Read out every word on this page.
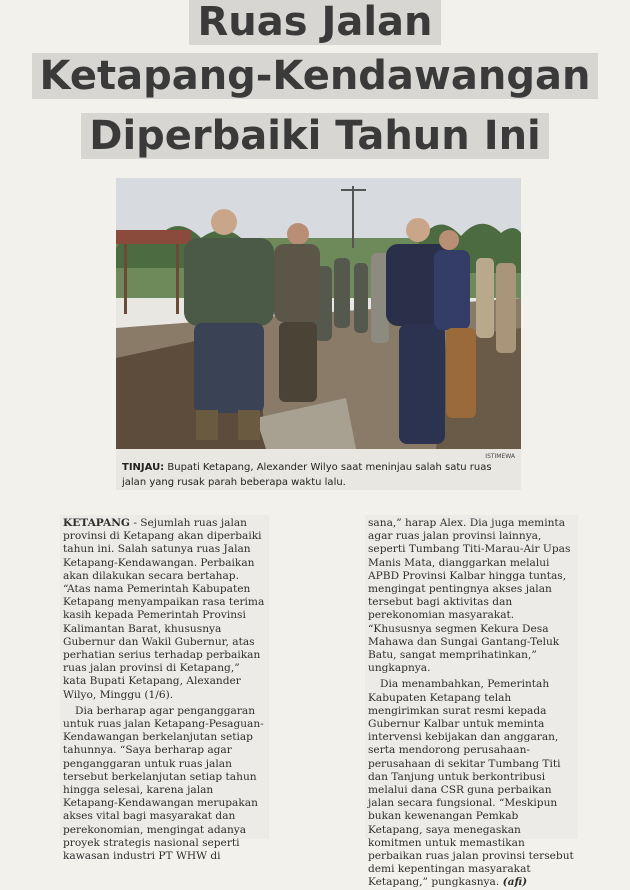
Ruas Jalan
Ketapang-Kendawangan
Diperbaiki Tahun Ini
ISTIMEWA
TINJAU: Bupati Ketapang, Alexander Wilyo saat meninjau salah satu ruas jalan yang rusak parah beberapa waktu lalu.

KETAPANG - Sejumlah ruas jalan provinsi di Ketapang akan diperbaiki tahun ini. Salah satunya ruas Jalan Ketapang-Kendawangan. Perbaikan akan dilakukan secara bertahap. “Atas nama Pemerintah Kabupaten Ketapang menyampaikan rasa terima kasih kepada Pemerintah Provinsi Kalimantan Barat, khususnya Gubernur dan Wakil Gubernur, atas perhatian serius terhadap perbaikan ruas jalan provinsi di Ketapang,” kata Bupati Ketapang, Alexander Wilyo, Minggu (1/6).

Dia berharap agar penganggaran untuk ruas jalan Ketapang-Pesaguan-Kendawangan berkelanjutan setiap tahunnya. “Saya berharap agar penganggaran untuk ruas jalan tersebut berkelanjutan setiap tahun hingga selesai, karena jalan Ketapang-Kendawangan merupakan akses vital bagi masyarakat dan perekonomian, mengingat adanya proyek strategis nasional seperti kawasan industri PT WHW di

sana,” harap Alex. Dia juga meminta agar ruas jalan provinsi lainnya, seperti Tumbang Titi-Marau-Air Upas Manis Mata, dianggarkan melalui APBD Provinsi Kalbar hingga tuntas, mengingat pentingnya akses jalan tersebut bagi aktivitas dan perekonomian masyarakat. “Khususnya segmen Kekura Desa Mahawa dan Sungai Gantang-Teluk Batu, sangat memprihatinkan,” ungkapnya.

Dia menambahkan, Pemerintah Kabupaten Ketapang telah mengirimkan surat resmi kepada Gubernur Kalbar untuk meminta intervensi kebijakan dan anggaran, serta mendorong perusahaan-perusahaan di sekitar Tumbang Titi dan Tanjung untuk berkontribusi melalui dana CSR guna perbaikan jalan secara fungsional. “Meskipun bukan kewenangan Pemkab Ketapang, saya menegaskan komitmen untuk memastikan perbaikan ruas jalan provinsi tersebut demi kepentingan masyarakat Ketapang,” pungkasnya. (afi)
